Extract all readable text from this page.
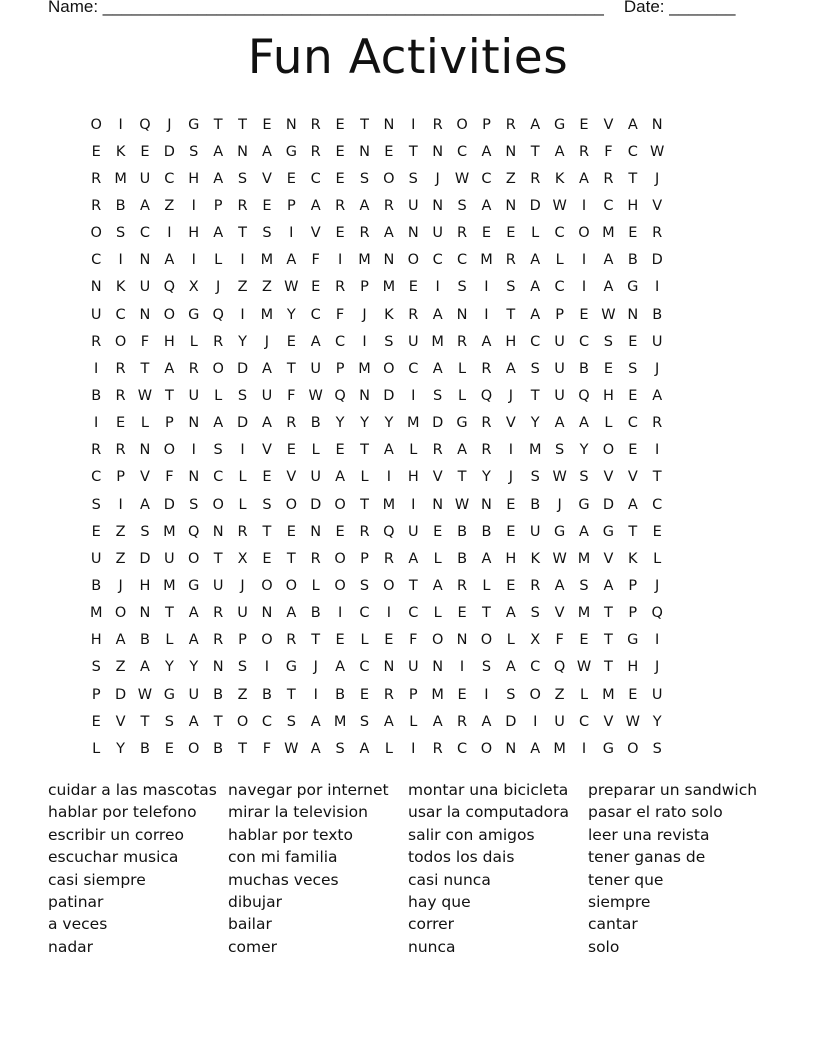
Name: _____________________________________________________ Date: _______
Fun Activities
O	I	Q	J	G T	T	E N R	E	T	N	I	R O P	R A G E	V A N
E	K	E D S	A N A G R	E N E	T	N C A N	T	A R	F	C W
R M U C H A	S	V	E	C	E	S O S	J	W C Z R	K	A R	T	J
R B A Z	I	P	R	E	P	A R A R U N S	A N D W	I	C H V
O S	C	I	H A	T	S	I	V	E	R A N U R	E	E	L	C O M E	R
C	I	N A	I	L	I	M A	F	I	M N O C C M R A	L	I	A B D
N K U Q X	J	Z Z W E	R	P M E	I	S	I	S	A C	I	A G	I
U C N O G Q	I	M Y	C	F	J	K	R A N	I	T	A	P	E W N B
R O	F	H	L	R	Y	J	E	A C	I	S U M R A H C U C	S	E U
I	R	T	A R O D A	T	U	P M O C A	L	R A	S U B	E	S	J
B R W T	U	L	S U	F W Q N D	I	S	L	Q	J	T	U Q H E	A
I	E	L	P	N A D A R B	Y	Y	Y M D G R V	Y	A A	L	C R
R R N O	I	S	I	V	E	L	E	T	A	L	R A R	I	M S	Y O E	I
C	P	V	F	N C	L	E	V U A	L	I	H V	T	Y	J	S W S	V V	T
S	I	A D S O	L	S O D O T M	I	N W N E	B	J	G D A C
E	Z	S M Q N R	T	E N E	R Q U	E	B B	E U G A G T	E
U Z D U O T	X	E	T	R O P	R A	L	B A H K W M V	K	L
B	J	H M G U	J	O O	L	O S O T	A R	L	E	R A	S	A	P	J
M O N	T	A R U N A B	I	C	I	C	L	E	T	A	S	V M T	P Q
H A B	L	A R	P O R	T	E	L	E	F	O N O	L	X	F	E	T G	I
S	Z A	Y	Y	N S	I	G	J	A C N U N	I	S	A C Q W T	H	J
P D W G U B Z B	T	I	B	E	R	P M E	I	S O Z	L M E U
E	V	T	S	A	T O C	S	A M S	A	L	A R A D	I	U C V W Y
L	Y	B	E O B	T	F W A	S	A	L	I	R C O N A M	I	G O S
cuidar a las mascotas
hablar por telefono
escribir un correo
escuchar musica
casi siempre
patinar
a veces
nadar
navegar por internet
mirar la television
hablar por texto
con mi familia
muchas veces
dibujar
bailar
comer
montar una bicicleta
usar la computadora
salir con amigos
todos los dais
casi nunca
hay que
correr
nunca
preparar un sandwich
pasar el rato solo
leer una revista
tener ganas de
tener que
siempre
cantar
solo
